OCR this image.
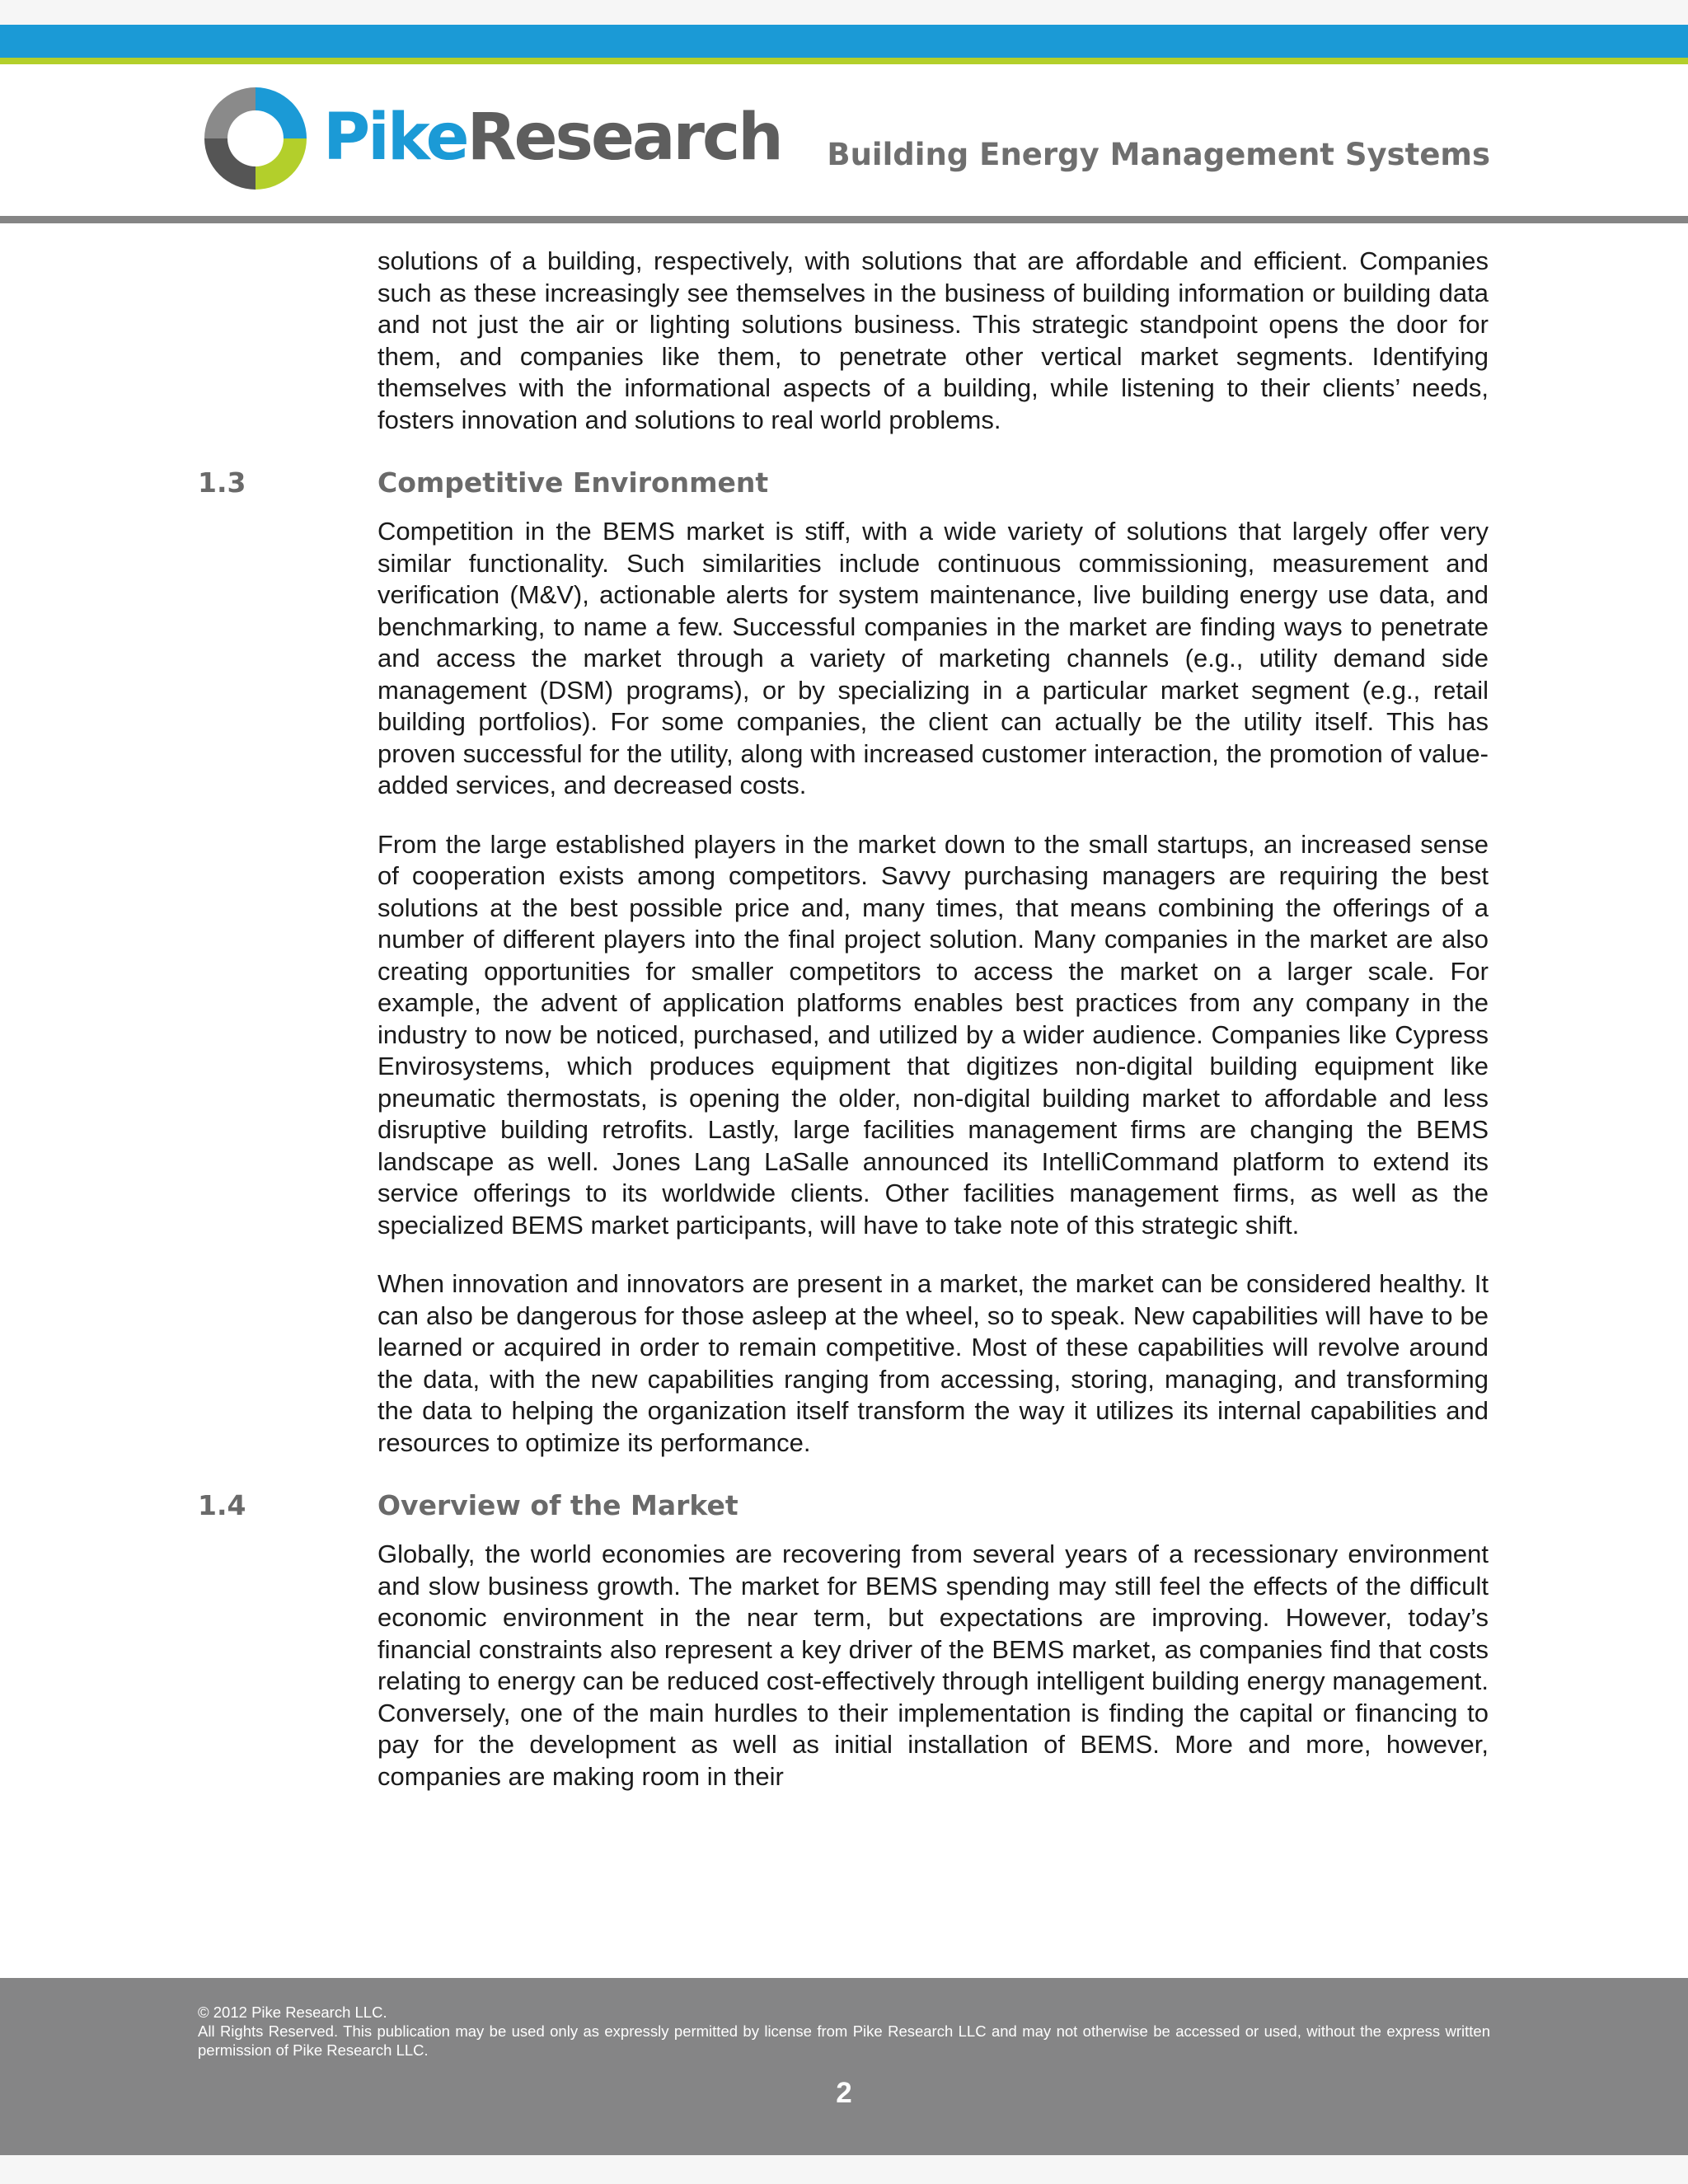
PikeResearch Building Energy Management Systems

solutions of a building, respectively, with solutions that are affordable and efficient. Companies such as these increasingly see themselves in the business of building information or building data and not just the air or lighting solutions business. This strategic standpoint opens the door for them, and companies like them, to penetrate other vertical market segments. Identifying themselves with the informational aspects of a building, while listening to their clients’ needs, fosters innovation and solutions to real world problems.

1.3	Competitive Environment

Competition in the BEMS market is stiff, with a wide variety of solutions that largely offer very similar functionality. Such similarities include continuous commissioning, measurement and verification (M&V), actionable alerts for system maintenance, live building energy use data, and benchmarking, to name a few. Successful companies in the market are finding ways to penetrate and access the market through a variety of marketing channels (e.g., utility demand side management (DSM) programs), or by specializing in a particular market segment (e.g., retail building portfolios). For some companies, the client can actually be the utility itself. This has proven successful for the utility, along with increased customer interaction, the promotion of value-added services, and decreased costs.

From the large established players in the market down to the small startups, an increased sense of cooperation exists among competitors. Savvy purchasing managers are requiring the best solutions at the best possible price and, many times, that means combining the offerings of a number of different players into the final project solution. Many companies in the market are also creating opportunities for smaller competitors to access the market on a larger scale. For example, the advent of application platforms enables best practices from any company in the industry to now be noticed, purchased, and utilized by a wider audience. Companies like Cypress Envirosystems, which produces equipment that digitizes non-digital building equipment like pneumatic thermostats, is opening the older, non-digital building market to affordable and less disruptive building retrofits. Lastly, large facilities management firms are changing the BEMS landscape as well. Jones Lang LaSalle announced its IntelliCommand platform to extend its service offerings to its worldwide clients. Other facilities management firms, as well as the specialized BEMS market participants, will have to take note of this strategic shift.

When innovation and innovators are present in a market, the market can be considered healthy. It can also be dangerous for those asleep at the wheel, so to speak. New capabilities will have to be learned or acquired in order to remain competitive. Most of these capabilities will revolve around the data, with the new capabilities ranging from accessing, storing, managing, and transforming the data to helping the organization itself transform the way it utilizes its internal capabilities and resources to optimize its performance.

1.4	Overview of the Market

Globally, the world economies are recovering from several years of a recessionary environment and slow business growth. The market for BEMS spending may still feel the effects of the difficult economic environment in the near term, but expectations are improving. However, today’s financial constraints also represent a key driver of the BEMS market, as companies find that costs relating to energy can be reduced cost-effectively through intelligent building energy management. Conversely, one of the main hurdles to their implementation is finding the capital or financing to pay for the development as well as initial installation of BEMS. More and more, however, companies are making room in their

© 2012 Pike Research LLC.
All Rights Reserved. This publication may be used only as expressly permitted by license from Pike Research LLC and may not otherwise be accessed or used, without the express written permission of Pike Research LLC.
2
